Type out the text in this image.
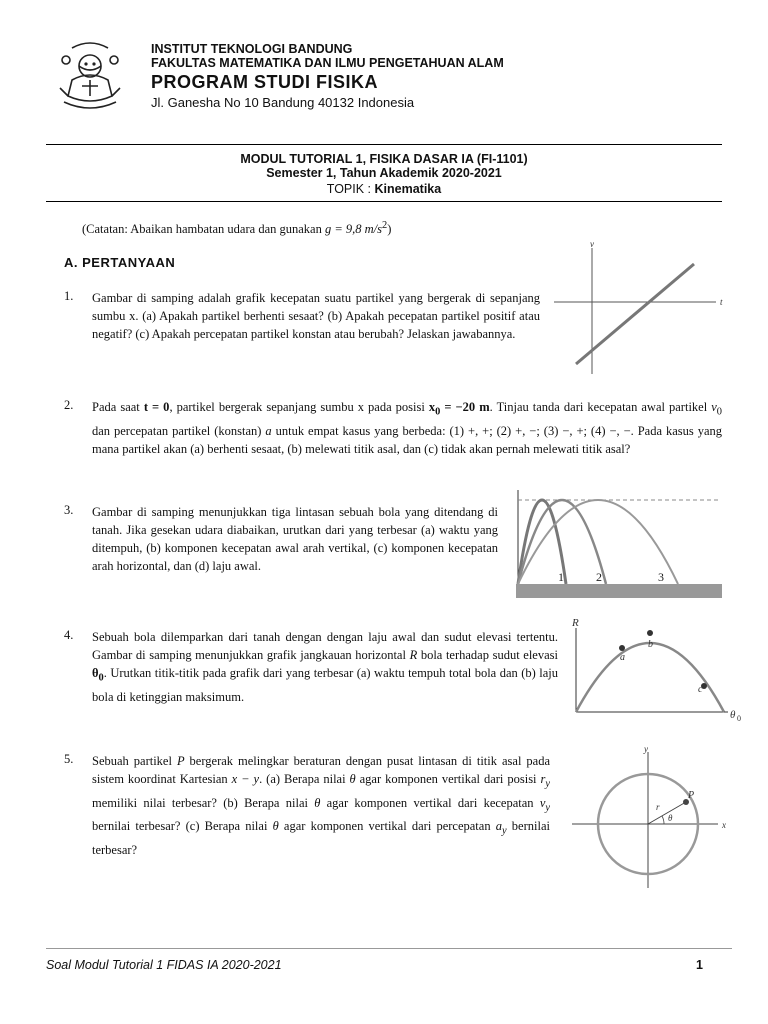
INSTITUT TEKNOLOGI BANDUNG
FAKULTAS MATEMATIKA DAN ILMU PENGETAHUAN ALAM
PROGRAM STUDI FISIKA
Jl. Ganesha No 10 Bandung 40132 Indonesia
MODUL TUTORIAL 1, FISIKA DASAR IA (FI-1101)
Semester 1, Tahun Akademik 2020-2021
TOPIK : Kinematika
(Catatan: Abaikan hambatan udara dan gunakan g = 9,8 $m/s^2$)
A. PERTANYAAN
1. Gambar di samping adalah grafik kecepatan suatu partikel yang bergerak di sepanjang sumbu x. (a) Apakah partikel berhenti sesaat? (b) Apakah pecepatan partikel positif atau negatif? (c) Apakah percepatan partikel konstan atau berubah? Jelaskan jawabannya.
v
t
2. Pada saat t = 0, partikel bergerak sepanjang sumbu x pada posisi $x_0 = -20$ m. Tinjau tanda dari kecepatan awal partikel $v_0$ dan percepatan partikel (konstan) a untuk empat kasus yang berbeda: (1) +, +; (2) +, −; (3) −, +; (4) −, −. Pada kasus yang mana partikel akan (a) berhenti sesaat, (b) melewati titik asal, dan (c) tidak akan pernah melewati titik asal?
3. Gambar di samping menunjukkan tiga lintasan sebuah bola yang ditendang di tanah. Jika gesekan udara diabaikan, urutkan dari yang terbesar (a) waktu yang ditempuh, (b) komponen kecepatan awal arah vertikal, (c) komponen kecepatan arah horizontal, dan (d) laju awal.
1	2	3
4. Sebuah bola dilemparkan dari tanah dengan dengan laju awal dan sudut elevasi tertentu. Gambar di samping menunjukkan grafik jangkauan horizontal R bola terhadap sudut elevasi $\theta_0$. Urutkan titik-titik pada grafik dari yang terbesar (a) waktu tempuh total bola dan (b) laju bola di ketinggian maksimum.
R
a
b
c
θ 0
5. Sebuah partikel P bergerak melingkar beraturan dengan pusat lintasan di titik asal pada sistem koordinat Kartesian x − y. (a) Berapa nilai θ agar komponen vertikal dari posisi $r_y$ memiliki nilai terbesar? (b) Berapa nilai θ agar komponen vertikal dari kecepatan $v_y$ bernilai terbesar? (c) Berapa nilai θ agar komponen vertikal dari percepatan $a_y$ bernilai terbesar?
y
x
P
r
θ
Soal Modul Tutorial 1 FIDAS IA 2020-2021	1
